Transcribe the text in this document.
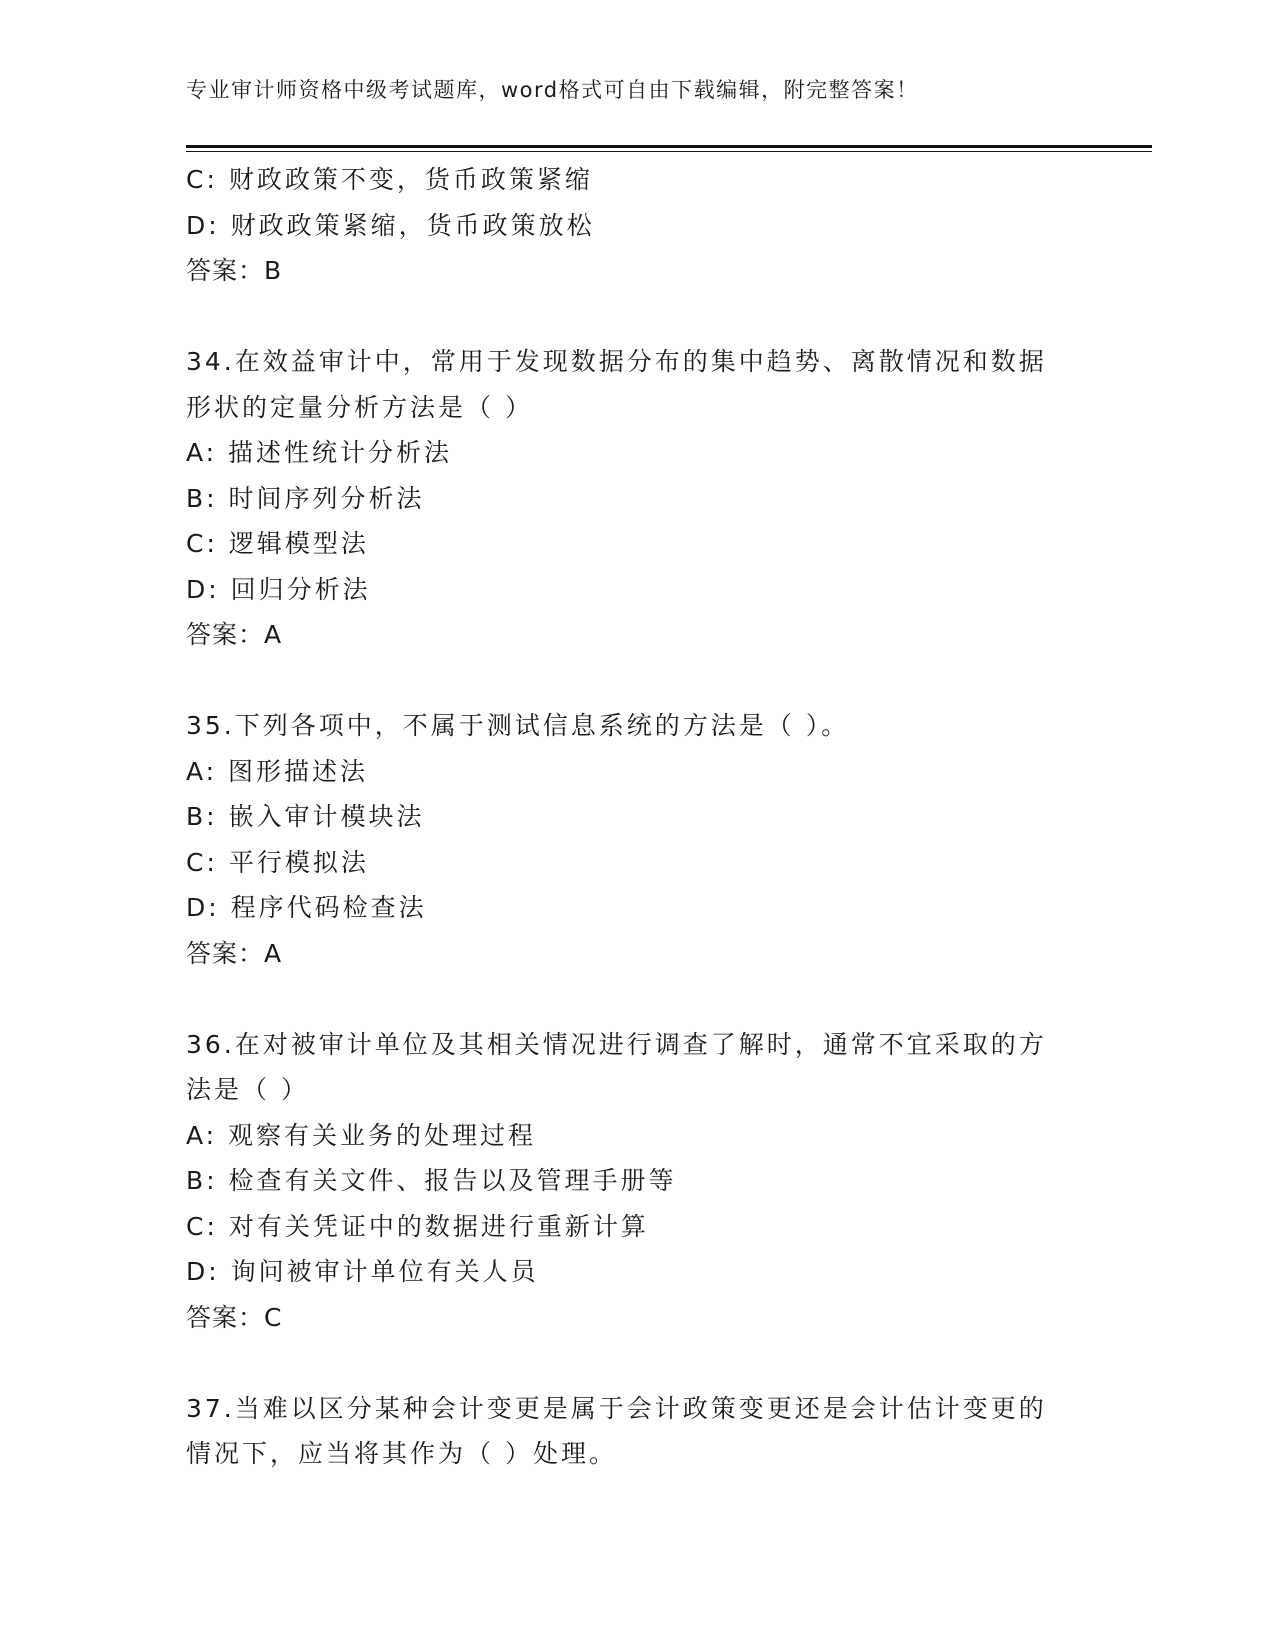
专业审计师资格中级考试题库，word格式可自由下载编辑，附完整答案！
C: 财政政策不变，货币政策紧缩
D: 财政政策紧缩，货币政策放松
答案：B
34.在效益审计中，常用于发现数据分布的集中趋势、离散情况和数据
形状的定量分析方法是（ ）
A: 描述性统计分析法
B: 时间序列分析法
C: 逻辑模型法
D: 回归分析法
答案：A
35.下列各项中，不属于测试信息系统的方法是（ ）。
A: 图形描述法
B: 嵌入审计模块法
C: 平行模拟法
D: 程序代码检查法
答案：A
36.在对被审计单位及其相关情况进行调查了解时，通常不宜采取的方
法是（ ）
A: 观察有关业务的处理过程
B: 检查有关文件、报告以及管理手册等
C: 对有关凭证中的数据进行重新计算
D: 询问被审计单位有关人员
答案：C
37.当难以区分某种会计变更是属于会计政策变更还是会计估计变更的
情况下，应当将其作为（ ）处理。
